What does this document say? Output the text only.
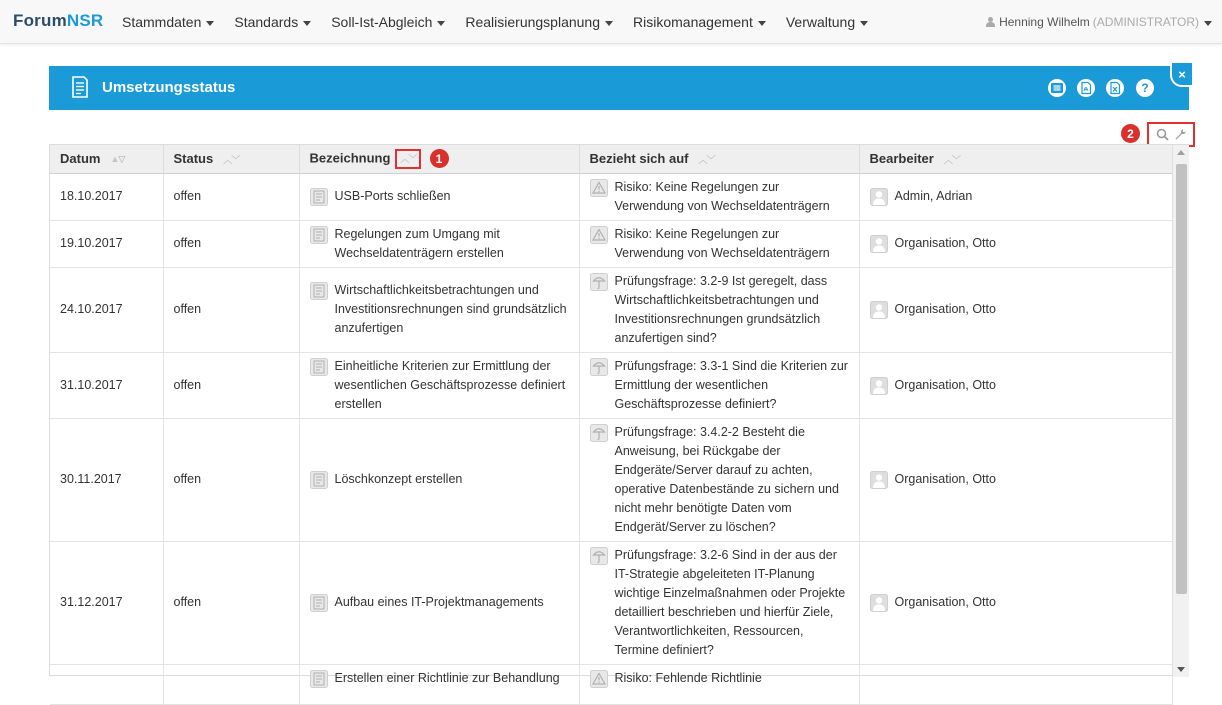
ForumNSR Stammdaten Standards Soll-Ist-Abgleich Realisierungsplanung Risikomanagement Verwaltung	Henning Wilhelm (ADMINISTRATOR)
Umsetzungsstatus	?
×
2
Datum ▲▽	Status ︿﹀	Bezeichnung ︿﹀ 1	Bezieht sich auf ︿﹀	Bearbeiter ︿﹀
18.10.2017	offen	USB-Ports schließen	Risiko: Keine Regelungen zur Verwendung von Wechseldatenträgern	Admin, Adrian

19.10.2017	offen	Regelungen zum Umgang mit Wechseldatenträgern erstellen	Risiko: Keine Regelungen zur Verwendung von Wechseldatenträgern	Organisation, Otto

24.10.2017	offen	Wirtschaftlichkeitsbetrachtungen und Investitionsrechnungen sind grundsätzlich anzufertigen	Prüfungsfrage: 3.2-9 Ist geregelt, dass Wirtschaftlichkeitsbetrachtungen und Investitionsrechnungen grundsätzlich anzufertigen sind?	Organisation, Otto

31.10.2017	offen	Einheitliche Kriterien zur Ermittlung der wesentlichen Geschäftsprozesse definiert erstellen	Prüfungsfrage: 3.3-1 Sind die Kriterien zur Ermittlung der wesentlichen Geschäftsprozesse definiert?	Organisation, Otto

30.11.2017	offen	Löschkonzept erstellen	Prüfungsfrage: 3.4.2-2 Besteht die Anweisung, bei Rückgabe der Endgeräte/Server darauf zu achten, operative Datenbestände zu sichern und nicht mehr benötigte Daten vom Endgerät/Server zu löschen?	Organisation, Otto

31.12.2017	offen	Aufbau eines IT-Projektmanagements	Prüfungsfrage: 3.2-6 Sind in der aus der IT-Strategie abgeleiteten IT-Planung wichtige Einzelmaßnahmen oder Projekte detailliert beschrieben und hierfür Ziele, Verantwortlichkeiten, Ressourcen, Termine definiert?	Organisation, Otto

		Erstellen einer Richtlinie zur Behandlung	Risiko: Fehlende Richtlinie	
